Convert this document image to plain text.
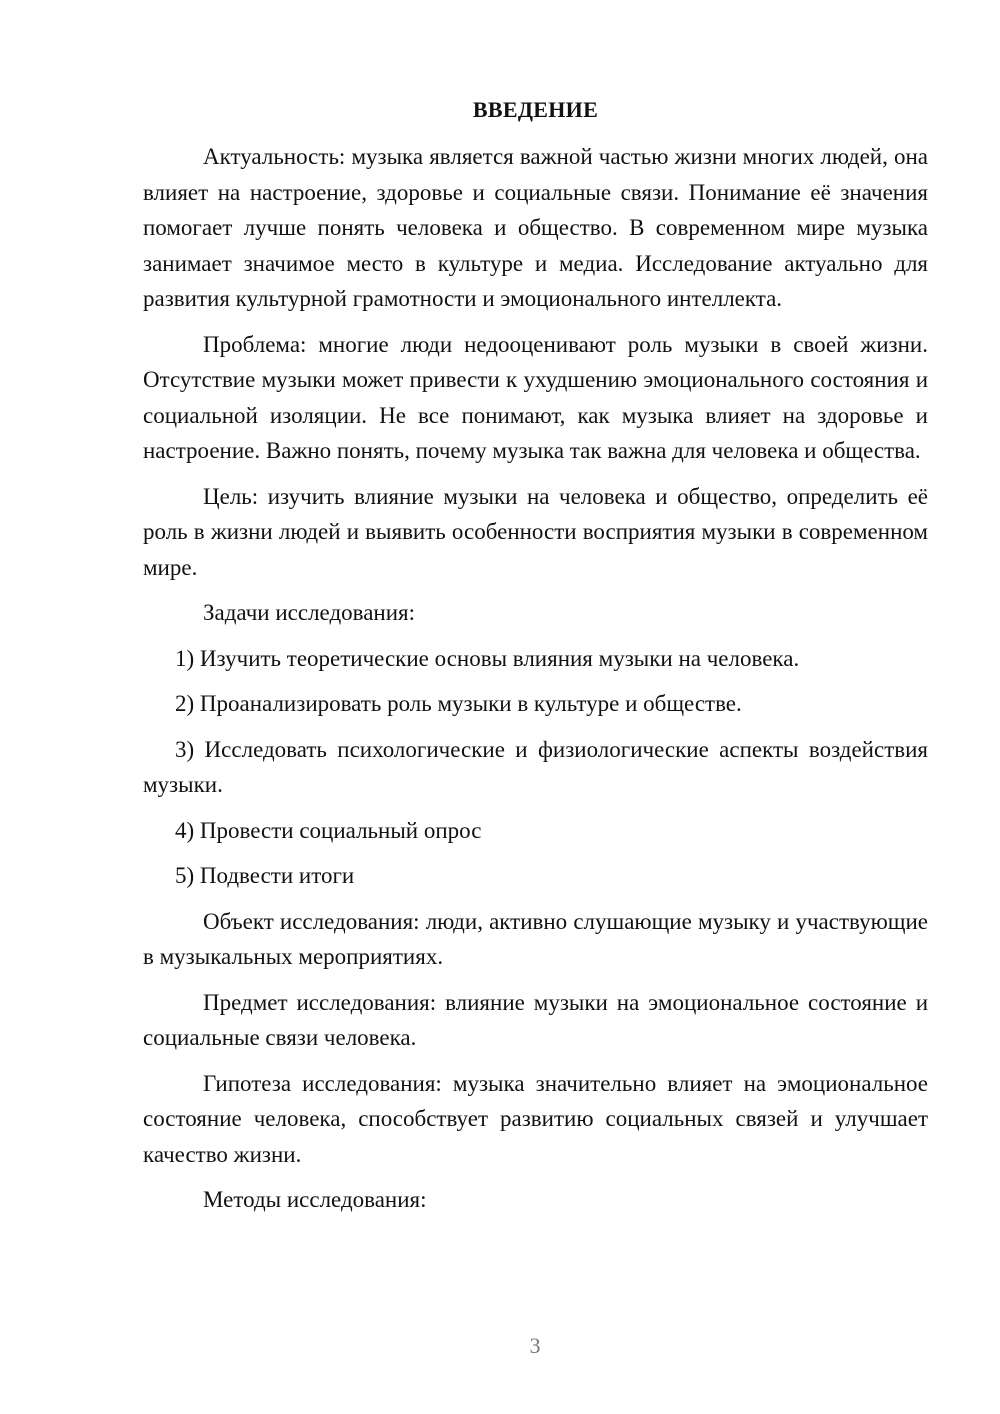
ВВЕДЕНИЕ

Актуальность: музыка является важной частью жизни многих людей, она влияет на настроение, здоровье и социальные связи. Понимание её значения помогает лучше понять человека и общество. В современном мире музыка занимает значимое место в культуре и медиа. Исследование актуально для развития культурной грамотности и эмоционального интеллекта.

Проблема: многие люди недооценивают роль музыки в своей жизни. Отсутствие музыки может привести к ухудшению эмоционального состояния и социальной изоляции. Не все понимают, как музыка влияет на здоровье и настроение. Важно понять, почему музыка так важна для человека и общества.

Цель: изучить влияние музыки на человека и общество, определить её роль в жизни людей и выявить особенности восприятия музыки в современном мире.

Задачи исследования:

1) Изучить теоретические основы влияния музыки на человека.

2) Проанализировать роль музыки в культуре и обществе.

3) Исследовать психологические и физиологические аспекты воздействия музыки.

4) Провести социальный опрос

5) Подвести итоги

Объект исследования: люди, активно слушающие музыку и участвующие в музыкальных мероприятиях.

Предмет исследования: влияние музыки на эмоциональное состояние и социальные связи человека.

Гипотеза исследования: музыка значительно влияет на эмоциональное состояние человека, способствует развитию социальных связей и улучшает качество жизни.

Методы исследования:

3
